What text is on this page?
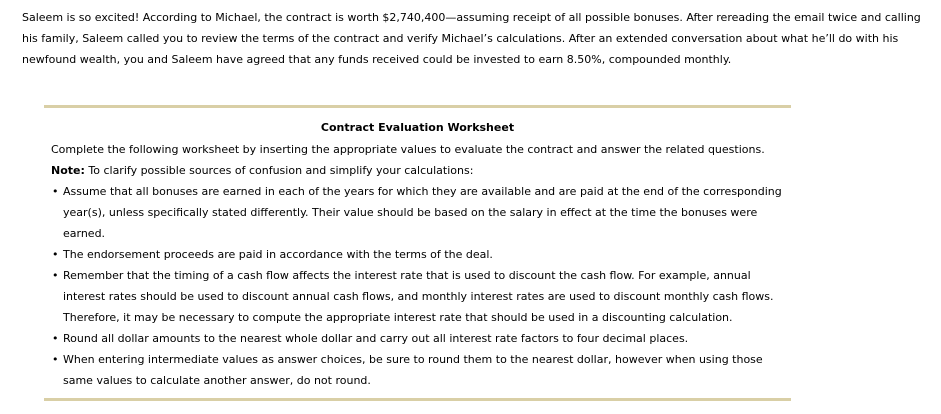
Saleem is so excited! According to Michael, the contract is worth $2,740,400—assuming receipt of all possible bonuses. After rereading the email twice and calling his family, Saleem called you to review the terms of the contract and verify Michael’s calculations. After an extended conversation about what he’ll do with his newfound wealth, you and Saleem have agreed that any funds received could be invested to earn 8.50%, compounded monthly.

Contract Evaluation Worksheet

Complete the following worksheet by inserting the appropriate values to evaluate the contract and answer the related questions.

Note: To clarify possible sources of confusion and simplify your calculations:

• Assume that all bonuses are earned in each of the years for which they are available and are paid at the end of the corresponding year(s), unless specifically stated differently. Their value should be based on the salary in effect at the time the bonuses were earned.
• The endorsement proceeds are paid in accordance with the terms of the deal.
• Remember that the timing of a cash flow affects the interest rate that is used to discount the cash flow. For example, annual interest rates should be used to discount annual cash flows, and monthly interest rates are used to discount monthly cash flows. Therefore, it may be necessary to compute the appropriate interest rate that should be used in a discounting calculation.
• Round all dollar amounts to the nearest whole dollar and carry out all interest rate factors to four decimal places.
• When entering intermediate values as answer choices, be sure to round them to the nearest dollar, however when using those same values to calculate another answer, do not round.
